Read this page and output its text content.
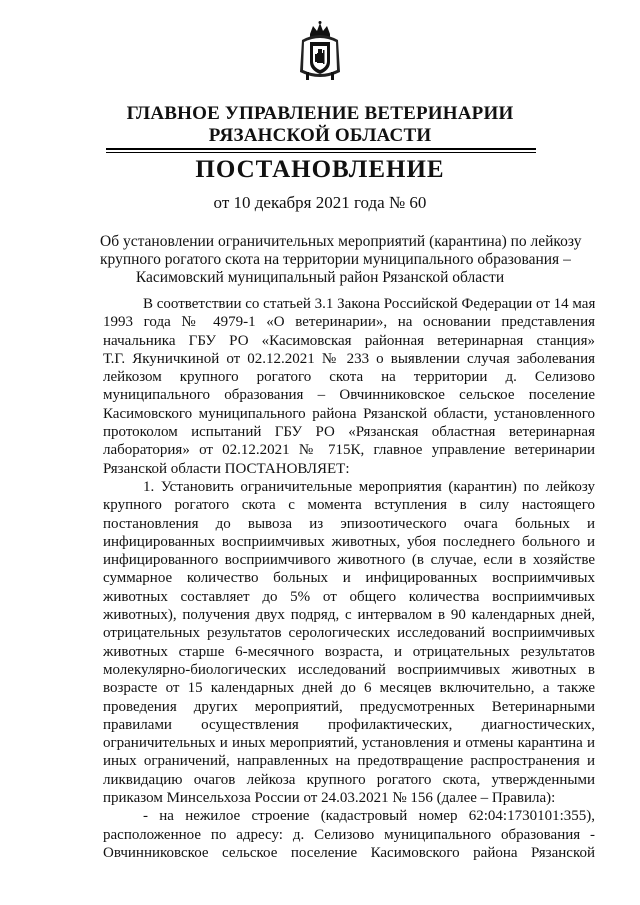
ГЛАВНОЕ УПРАВЛЕНИЕ ВЕТЕРИНАРИИ
РЯЗАНСКОЙ ОБЛАСТИ
ПОСТАНОВЛЕНИЕ
от 10 декабря 2021 года № 60
Об установлении ограничительных мероприятий (карантина) по лейкозу
крупного рогатого скота на территории муниципального образования –
Касимовский муниципальный район Рязанской области
В соответствии со статьей 3.1 Закона Российской Федерации от 14 мая
1993 года № 4979-1 «О ветеринарии», на основании представления
начальника ГБУ РО «Касимовская районная ветеринарная станция»
Т.Г. Якуничкиной от 02.12.2021 № 233 о выявлении случая заболевания
лейкозом крупного рогатого скота на территории д. Селизово
муниципального образования – Овчинниковское сельское поселение
Касимовского муниципального района Рязанской области, установленного
протоколом испытаний ГБУ РО «Рязанская областная ветеринарная
лаборатория» от 02.12.2021 № 715К, главное управление ветеринарии
Рязанской области ПОСТАНОВЛЯЕТ:
1. Установить ограничительные мероприятия (карантин) по лейкозу
крупного рогатого скота с момента вступления в силу настоящего
постановления до вывоза из эпизоотического очага больных и
инфицированных восприимчивых животных, убоя последнего больного и
инфицированного восприимчивого животного (в случае, если в хозяйстве
суммарное количество больных и инфицированных восприимчивых
животных составляет до 5% от общего количества восприимчивых
животных), получения двух подряд, с интервалом в 90 календарных дней,
отрицательных результатов серологических исследований восприимчивых
животных старше 6-месячного возраста, и отрицательных результатов
молекулярно-биологических исследований восприимчивых животных в
возрасте от 15 календарных дней до 6 месяцев включительно, а также
проведения других мероприятий, предусмотренных Ветеринарными
правилами осуществления профилактических, диагностических,
ограничительных и иных мероприятий, установления и отмены карантина и
иных ограничений, направленных на предотвращение распространения и
ликвидацию очагов лейкоза крупного рогатого скота, утвержденными
приказом Минсельхоза России от 24.03.2021 № 156 (далее – Правила):
- на нежилое строение (кадастровый номер 62:04:1730101:355),
расположенное по адресу: д. Селизово муниципального образования -
Овчинниковское сельское поселение Касимовского района Рязанской
